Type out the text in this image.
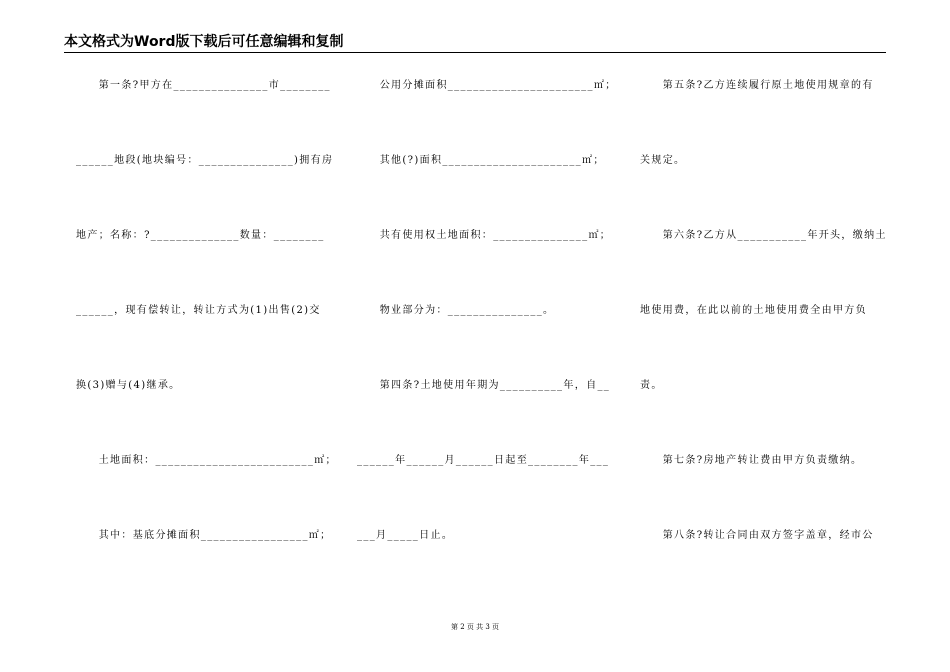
本文格式为Word版下载后可任意编辑和复制
　　第一条?甲方在_______________市________
______地段(地块编号：_______________)拥有房
地产；名称：?______________数量：________
______，现有偿转让，转让方式为(1)出售(2)交
换(3)赠与(4)继承。
　　土地面积：_________________________㎡；
　　其中：基底分摊面积_________________㎡；
　　公用分摊面积_______________________㎡；
　　其他(?)面积______________________㎡；
　　共有使用权土地面积：_______________㎡；
　　物业部分为：_______________。
　　第四条?土地使用年期为__________年，自__
______年______月______日起至________年___
___月_____日止。
　　第五条?乙方连续履行原土地使用规章的有
关规定。
　　第六条?乙方从___________年开头，缴纳土
地使用费，在此以前的土地使用费全由甲方负
责。
　　第七条?房地产转让费由甲方负责缴纳。
　　第八条?转让合同由双方签字盖章，经市公
第 2 页 共 3 页
